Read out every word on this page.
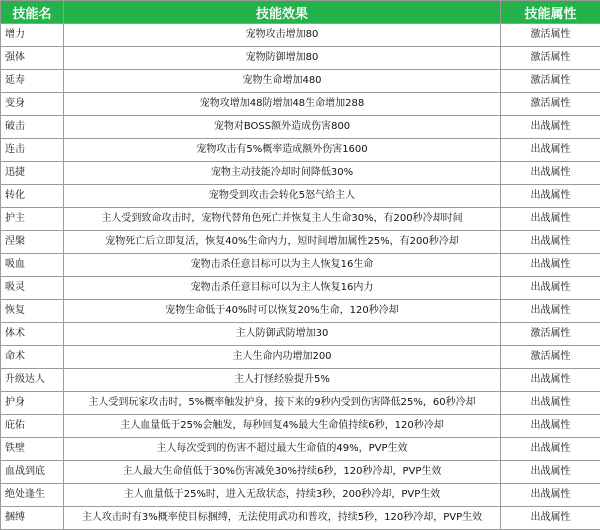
技能名	技能效果	技能属性
增力	宠物攻击增加80	激活属性
强体	宠物防御增加80	激活属性
延寿	宠物生命增加480	激活属性
变身	宠物攻增加48防增加48生命增加288	激活属性
破击	宠物对BOSS额外造成伤害800	出战属性
连击	宠物攻击有5%概率造成额外伤害1600	出战属性
迅捷	宠物主动技能冷却时间降低30%	出战属性
转化	宠物受到攻击会转化5怒气给主人	出战属性
护主	主人受到致命攻击时，宠物代替角色死亡并恢复主人生命30%，有200秒冷却时间	出战属性
涅槃	宠物死亡后立即复活，恢复40%生命内力，短时间增加属性25%，有200秒冷却	出战属性
吸血	宠物击杀任意目标可以为主人恢复16生命	出战属性
吸灵	宠物击杀任意目标可以为主人恢复16内力	出战属性
恢复	宠物生命低于40%时可以恢复20%生命，120秒冷却	出战属性
体术	主人防御武防增加30	激活属性
命术	主人生命内功增加200	激活属性
升级达人	主人打怪经验提升5%	出战属性
护身	主人受到玩家攻击时，5%概率触发护身，接下来的9秒内受到伤害降低25%，60秒冷却	出战属性
庇佑	主人血量低于25%会触发，每秒回复4%最大生命值持续6秒，120秒冷却	出战属性
铁壁	主人每次受到的伤害不超过最大生命值的49%，PVP生效	出战属性
血战到底	主人最大生命值低于30%伤害减免30%持续6秒，120秒冷却，PVP生效	出战属性
绝处逢生	主人血量低于25%时，进入无敌状态，持续3秒，200秒冷却，PVP生效	出战属性
捆缚	主人攻击时有3%概率使目标捆缚，无法使用武功和普攻，持续5秒，120秒冷却，PVP生效	出战属性
